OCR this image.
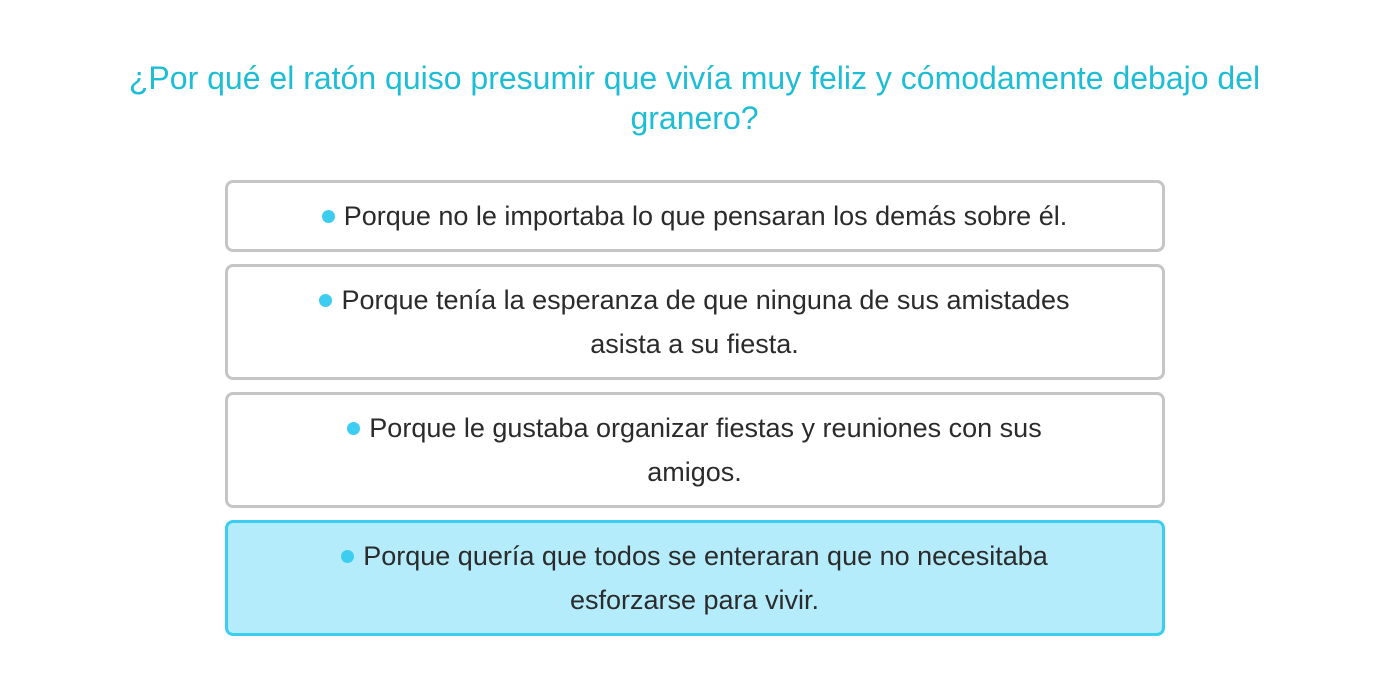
¿Por qué el ratón quiso presumir que vivía muy feliz y cómodamente debajo del granero?
Porque no le importaba lo que pensaran los demás sobre él.
Porque tenía la esperanza de que ninguna de sus amistades asista a su fiesta.
Porque le gustaba organizar fiestas y reuniones con sus amigos.
Porque quería que todos se enteraran que no necesitaba esforzarse para vivir.
